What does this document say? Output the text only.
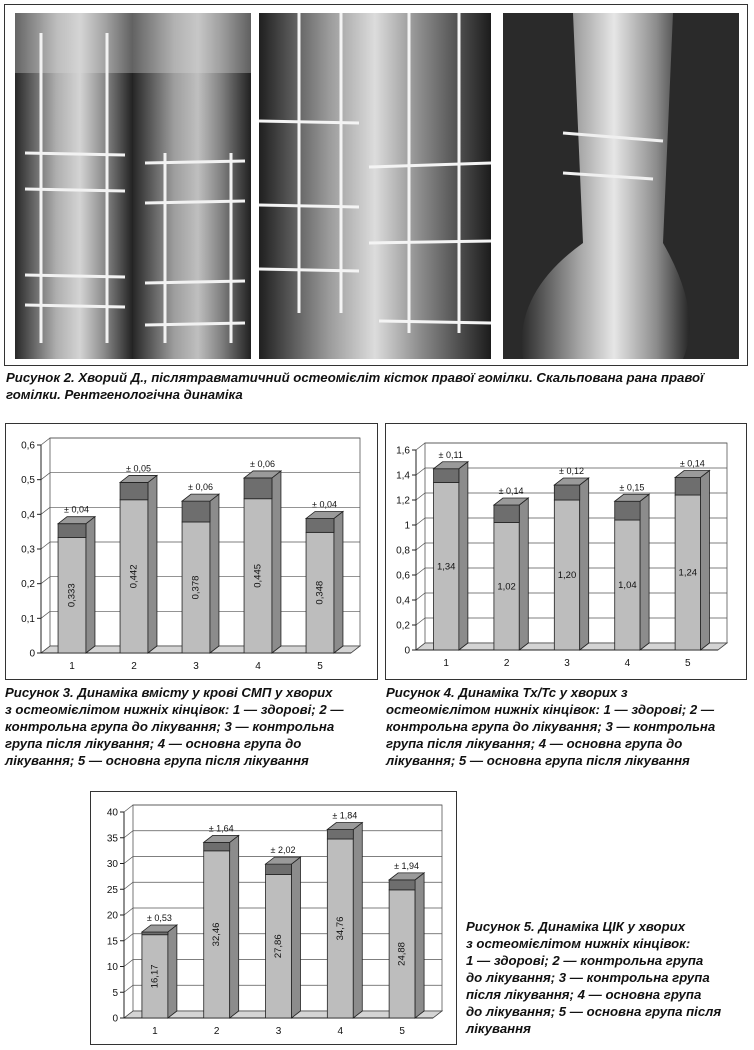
Рисунок 2. Хворий Д., післятравматичний остеомієліт кісток правої гомілки. Скальпована рана правої гомілки. Рентгенологічна динаміка
0
0,1
0,2
0,3
0,4
0,5
0,6
± 0,04
0,333
1
± 0,05
0,442
2
± 0,06
0,378
3
± 0,06
0,445
4
± 0,04
0,348
5
Рисунок 3. Динаміка вмісту у крові СМП у хворих
з остеомієлітом нижніх кінцівок: 1 — здорові; 2 —
контрольна група до лікування; 3 — контрольна
група після лікування; 4 — основна група до
лікування; 5 — основна група після лікування
0
0,2
0,4
0,6
0,8
1
1,2
1,4
1,6	± 0,11
1,34
1
± 0,14
1,02
2
± 0,12
1,20
3
± 0,15
1,04
4
± 0,14
1,24
5
Рисунок 4. Динаміка Тх/Тс у хворих з
остеомієлітом нижніх кінцівок: 1 — здорові; 2 —
контрольна група до лікування; 3 — контрольна
група після лікування; 4 — основна група до
лікування; 5 — основна група після лікування
0
5
10
15
20
25
30
35
40
± 0,53
16,17
1
± 1,64
32,46
2
± 2,02
27,86
3
± 1,84
34,76
4
± 1,94
24,88
5
Рисунок 5. Динаміка ЦІК у хворих
з остеомієлітом нижніх кінцівок:
1 — здорові; 2 — контрольна група
до лікування; 3 — контрольна група
після лікування; 4 — основна група
до лікування; 5 — основна група після
лікування
